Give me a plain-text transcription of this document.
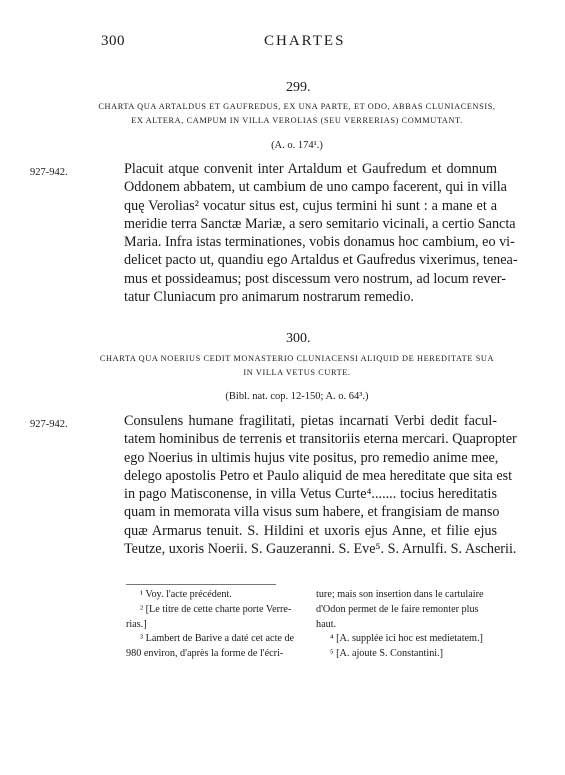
300	CHARTES
299.
CHARTA QUA ARTALDUS ET GAUFREDUS, EX UNA PARTE, ET ODO, ABBAS CLUNIACENSIS,
EX ALTERA, CAMPUM IN VILLA VEROLIAS (SEU VERRERIAS) COMMUTANT.
(A. o. 174¹.)
927-942.	Placuit atque convenit inter Artaldum et Gaufredum et domnum
Oddonem abbatem, ut cambium de uno campo facerent, qui in villa
quę Verolias² vocatur situs est, cujus termini hi sunt : a mane et a
meridie terra Sanctæ Mariæ, a sero semitario vicinali, a certio Sancta
Maria. Infra istas terminationes, vobis donamus hoc cambium, eo vi-
delicet pacto ut, quandiu ego Artaldus et Gaufredus vixerimus, tenea-
mus et possideamus; post discessum vero nostrum, ad locum rever-
tatur Cluniacum pro animarum nostrarum remedio.
300.
CHARTA QUA NOERIUS CEDIT MONASTERIO CLUNIACENSI ALIQUID DE HEREDITATE SUA
IN VILLA VETUS CURTE.
(Bibl. nat. cop. 12-150; A. o. 64³.)
927-942.	Consulens humane fragilitati, pietas incarnati Verbi dedit facul-
tatem hominibus de terrenis et transitoriis eterna mercari. Quapropter
ego Noerius in ultimis hujus vite positus, pro remedio anime mee,
delego apostolis Petro et Paulo aliquid de mea hereditate que sita est
in pago Matisconense, in villa Vetus Curte⁴....... tocius hereditatis
quam in memorata villa visus sum habere, et frangisiam de manso
quæ Armarus tenuit. S. Hildini et uxoris ejus Anne, et filie ejus
Teutze, uxoris Noerii. S. Gauzeranni. S. Eve⁵. S. Arnulfi. S. Ascherii.
¹ Voy. l'acte précédent.
² [Le titre de cette charte porte Verre-
rias.]
³ Lambert de Barive a daté cet acte de
980 environ, d'après la forme de l'écri-
ture; mais son insertion dans le cartulaire
d'Odon permet de le faire remonter plus
haut.
⁴ [A. supplée ici hoc est medietatem.]
⁵ [A. ajoute S. Constantini.]
